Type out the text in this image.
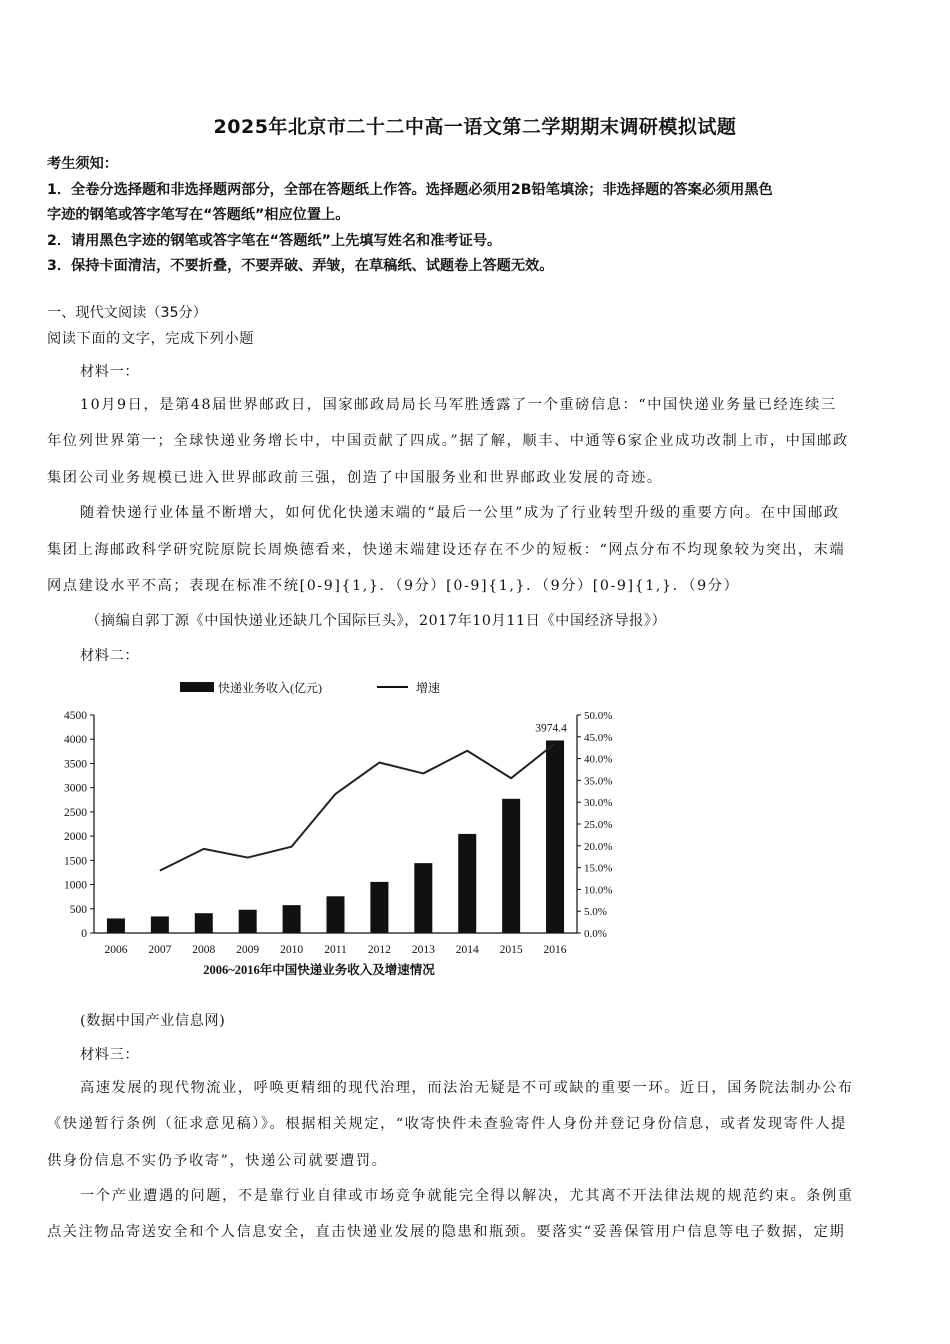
2025年北京市二十二中高一语文第二学期期末调研模拟试题
考生须知：
1．全卷分选择题和非选择题两部分，全部在答题纸上作答。选择题必须用2B铅笔填涂；非选择题的答案必须用黑色
字迹的钢笔或答字笔写在“答题纸”相应位置上。
2．请用黑色字迹的钢笔或答字笔在“答题纸”上先填写姓名和准考证号。
3．保持卡面清洁，不要折叠，不要弄破、弄皱，在草稿纸、试题卷上答题无效。
一、现代文阅读（35分）
阅读下面的文字，完成下列小题
材料一：
10月9日，是第48届世界邮政日，国家邮政局局长马军胜透露了一个重磅信息：“中国快递业务量已经连续三
年位列世界第一；全球快递业务增长中，中国贡献了四成。”据了解，顺丰、中通等6家企业成功改制上市，中国邮政
集团公司业务规模已进入世界邮政前三强，创造了中国服务业和世界邮政业发展的奇迹。
随着快递行业体量不断增大，如何优化快递末端的“最后一公里”成为了行业转型升级的重要方向。在中国邮政
集团上海邮政科学研究院原院长周焕德看来，快递末端建设还存在不少的短板：“网点分布不均现象较为突出，末端
网点建设水平不高；表现在标准不统[0-9]{1,}．（9分）[0-9]{1,}．（9分）[0-9]{1,}．（9分）
（摘编自郭丁源《中国快递业还缺几个国际巨头》，2017年10月11日《中国经济导报》）
材料二：
快递业务收入(亿元)	增速
0
500
1000
1500
2000
2500
3000
3500
4000
4500
0.0%
5.0%
10.0%
15.0%
20.0%
25.0%
30.0%
35.0%
40.0%
45.0%
50.0%
2006 2007 2008 2009 2010 2011 2012 2013 2014 2015 2016
3974.4
2006~2016年中国快递业务收入及增速情况
(数据中国产业信息网)
材料三：
高速发展的现代物流业，呼唤更精细的现代治理，而法治无疑是不可或缺的重要一环。近日，国务院法制办公布
《快递暂行条例（征求意见稿）》。根据相关规定，“收寄快件未查验寄件人身份并登记身份信息，或者发现寄件人提
供身份信息不实仍予收寄”，快递公司就要遭罚。
一个产业遭遇的问题，不是靠行业自律或市场竞争就能完全得以解决，尤其离不开法律法规的规范约束。条例重
点关注物品寄送安全和个人信息安全，直击快递业发展的隐患和瓶颈。要落实“妥善保管用户信息等电子数据，定期
